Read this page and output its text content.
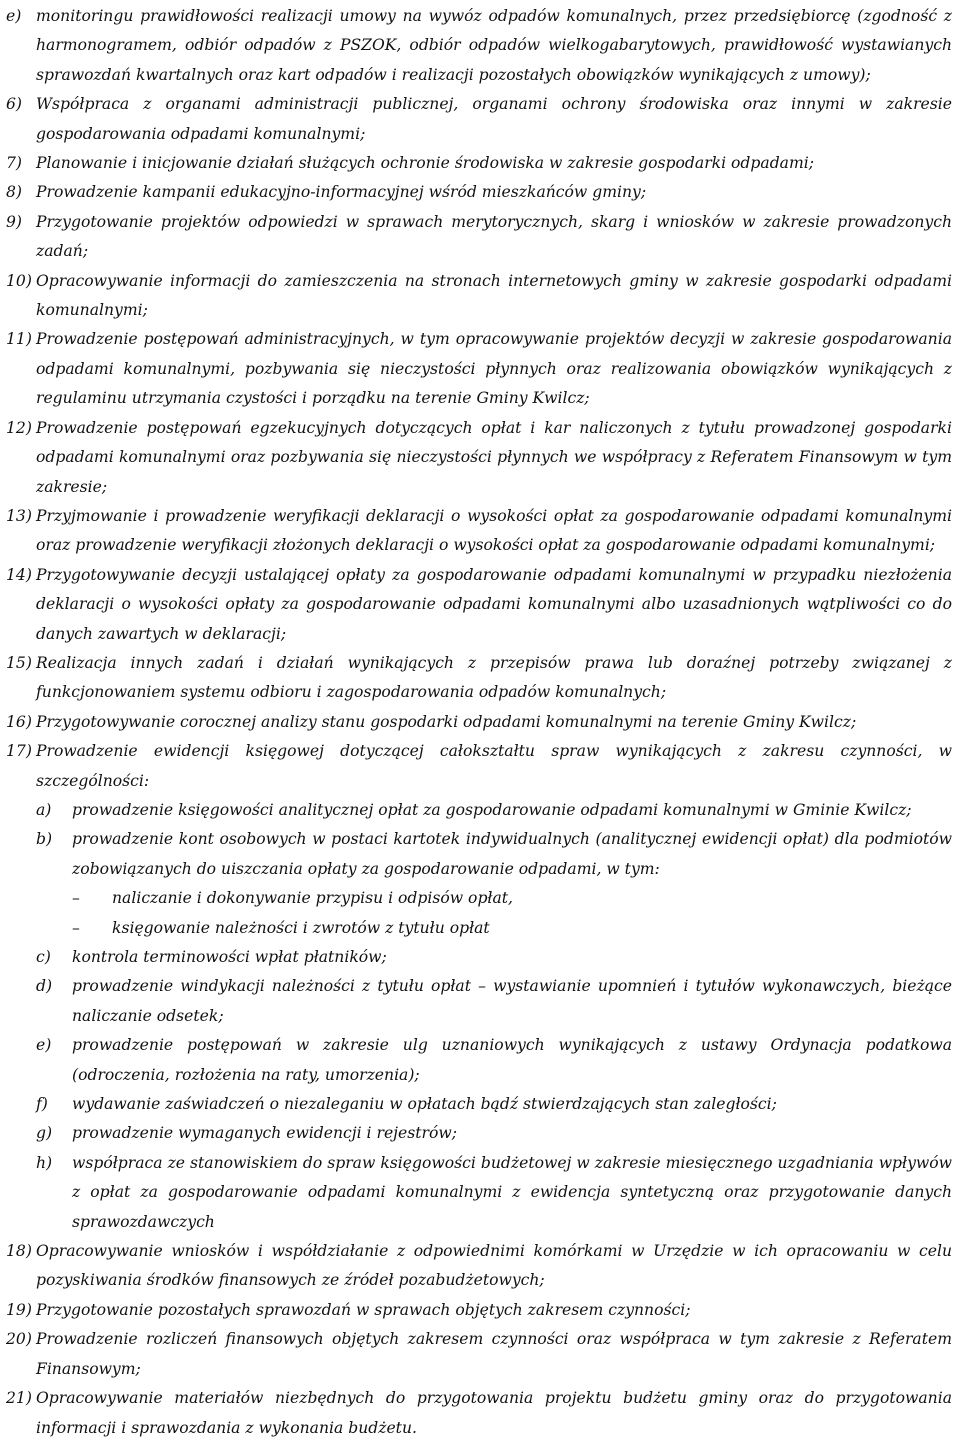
e) monitoringu prawidłowości realizacji umowy na wywóz odpadów komunalnych, przez przedsiębiorcę (zgodność z harmonogramem, odbiór odpadów z PSZOK, odbiór odpadów wielkogabarytowych, prawidłowość wystawianych sprawozdań kwartalnych oraz kart odpadów i realizacji pozostałych obowiązków wynikających z umowy);
6) Współpraca z organami administracji publicznej, organami ochrony środowiska oraz innymi w zakresie gospodarowania odpadami komunalnymi;
7) Planowanie i inicjowanie działań służących ochronie środowiska w zakresie gospodarki odpadami;
8) Prowadzenie kampanii edukacyjno-informacyjnej wśród mieszkańców gminy;
9) Przygotowanie projektów odpowiedzi w sprawach merytorycznych, skarg i wniosków w zakresie prowadzonych zadań;
10) Opracowywanie informacji do zamieszczenia na stronach internetowych gminy w zakresie gospodarki odpadami komunalnymi;
11) Prowadzenie postępowań administracyjnych, w tym opracowywanie projektów decyzji w zakresie gospodarowania odpadami komunalnymi, pozbywania się nieczystości płynnych oraz realizowania obowiązków wynikających z regulaminu utrzymania czystości i porządku na terenie Gminy Kwilcz;
12) Prowadzenie postępowań egzekucyjnych dotyczących opłat i kar naliczonych z tytułu prowadzonej gospodarki odpadami komunalnymi oraz pozbywania się nieczystości płynnych we współpracy z Referatem Finansowym w tym zakresie;
13) Przyjmowanie i prowadzenie weryfikacji deklaracji o wysokości opłat za gospodarowanie odpadami komunalnymi oraz prowadzenie weryfikacji złożonych deklaracji o wysokości opłat za gospodarowanie odpadami komunalnymi;
14) Przygotowywanie decyzji ustalającej opłaty za gospodarowanie odpadami komunalnymi w przypadku niezłożenia deklaracji o wysokości opłaty za gospodarowanie odpadami komunalnymi albo uzasadnionych wątpliwości co do danych zawartych w deklaracji;
15) Realizacja innych zadań i działań wynikających z przepisów prawa lub doraźnej potrzeby związanej z funkcjonowaniem systemu odbioru i zagospodarowania odpadów komunalnych;
16) Przygotowywanie corocznej analizy stanu gospodarki odpadami komunalnymi na terenie Gminy Kwilcz;
17) Prowadzenie ewidencji księgowej dotyczącej całokształtu spraw wynikających z zakresu czynności, w szczególności:
a)	prowadzenie księgowości analitycznej opłat za gospodarowanie odpadami komunalnymi w Gminie Kwilcz;
b)	prowadzenie kont osobowych w postaci kartotek indywidualnych (analitycznej ewidencji opłat) dla podmiotów zobowiązanych do uiszczania opłaty za gospodarowanie odpadami, w tym:
–	naliczanie i dokonywanie przypisu i odpisów opłat,
–	księgowanie należności i zwrotów z tytułu opłat
c)	kontrola terminowości wpłat płatników;
d)	prowadzenie windykacji należności z tytułu opłat – wystawianie upomnień i tytułów wykonawczych, bieżące naliczanie odsetek;
e)	prowadzenie postępowań w zakresie ulg uznaniowych wynikających z ustawy Ordynacja podatkowa (odroczenia, rozłożenia na raty, umorzenia);
f)	wydawanie zaświadczeń o niezaleganiu w opłatach bądź stwierdzających stan zaległości;
g)	prowadzenie wymaganych ewidencji i rejestrów;
h)	współpraca ze stanowiskiem do spraw księgowości budżetowej w zakresie miesięcznego uzgadniania wpływów z opłat za gospodarowanie odpadami komunalnymi z ewidencja syntetyczną oraz przygotowanie danych sprawozdawczych
18) Opracowywanie wniosków i współdziałanie z odpowiednimi komórkami w Urzędzie w ich opracowaniu w celu pozyskiwania środków finansowych ze źródeł pozabudżetowych;
19) Przygotowanie pozostałych sprawozdań w sprawach objętych zakresem czynności;
20) Prowadzenie rozliczeń finansowych objętych zakresem czynności oraz współpraca w tym zakresie z Referatem Finansowym;
21) Opracowywanie materiałów niezbędnych do przygotowania projektu budżetu gminy oraz do przygotowania informacji i sprawozdania z wykonania budżetu.
